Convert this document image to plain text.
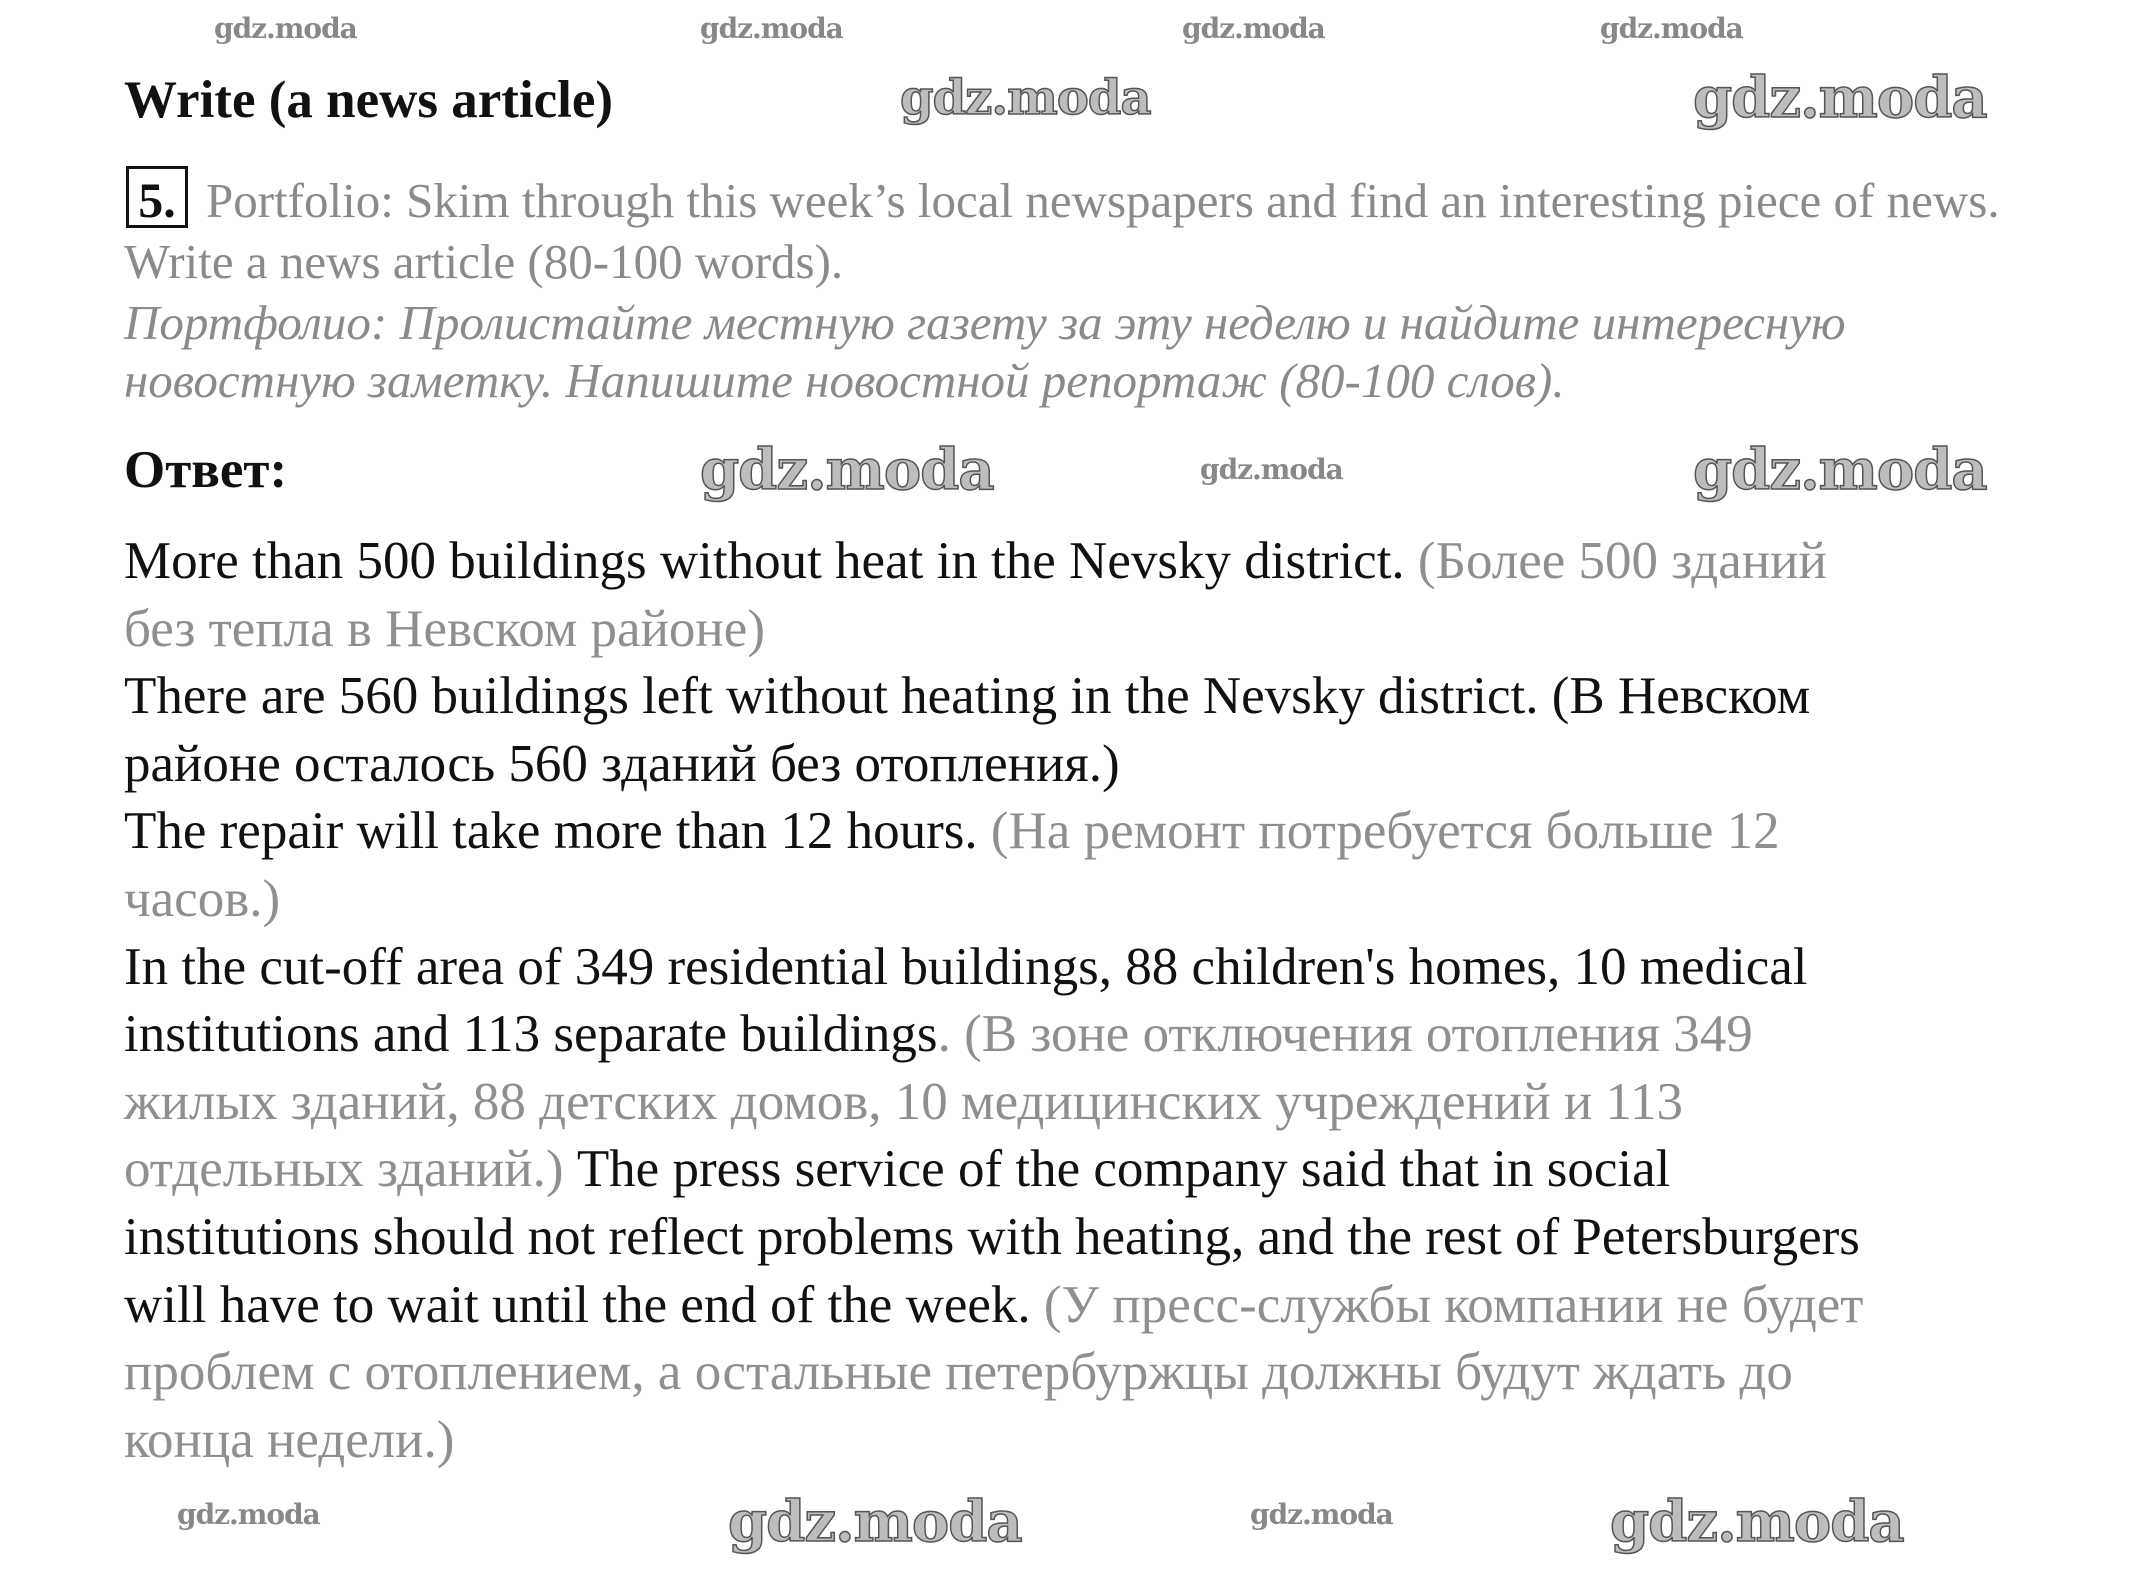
Write (a news article)
5. Portfolio: Skim through this week’s local newspapers and find an interesting piece of news.
Write a news article (80-100 words).
Портфолио: Пролистайте местную газету за эту неделю и найдите интересную
новостную заметку. Напишите новостной репортаж (80-100 слов).
Ответ:
More than 500 buildings without heat in the Nevsky district. (Более 500 зданий
без тепла в Невском районе)
There are 560 buildings left without heating in the Nevsky district. (В Невском
районе осталось 560 зданий без отопления.)
The repair will take more than 12 hours. (На ремонт потребуется больше 12
часов.)
In the cut-off area of 349 residential buildings, 88 children's homes, 10 medical
institutions and 113 separate buildings. (В зоне отключения отопления 349
жилых зданий, 88 детских домов, 10 медицинских учреждений и 113
отдельных зданий.) The press service of the company said that in social
institutions should not reflect problems with heating, and the rest of Petersburgers
will have to wait until the end of the week. (У пресс-службы компании не будет
проблем с отоплением, а остальные петербуржцы должны будут ждать до
конца недели.)
gdz.moda	gdz.moda	gdz.moda	gdz.moda
gdz.moda	gdz.moda
gdz.moda	gdz.moda	gdz.moda
gdz.moda	gdz.moda	gdz.moda	gdz.moda
